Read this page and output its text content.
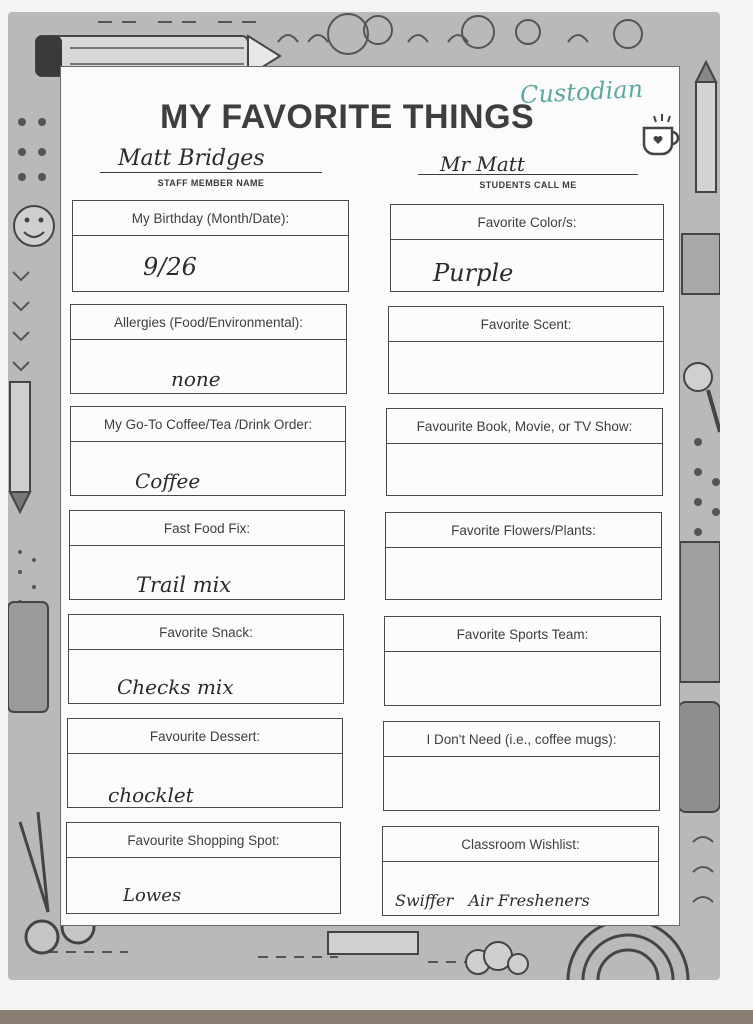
MY FAVORITE THINGS
Custodian
Matt Bridges
STAFF MEMBER NAME
Mr Matt
STUDENTS CALL ME
My Birthday (Month/Date):
9/26
Allergies (Food/Environmental):
none
My Go-To Coffee/Tea /Drink Order:
Coffee
Fast Food Fix:
Trail mix
Favorite Snack:
Checks mix
Favourite Dessert:
chocklet
Favourite Shopping Spot:
Lowes
Favorite Color/s:
Purple
Favorite Scent:
Favourite Book, Movie, or TV Show:
Favorite Flowers/Plants:
Favorite Sports Team:
I Don't Need (i.e., coffee mugs):
Classroom Wishlist:
Swiffer   Air Fresheners
